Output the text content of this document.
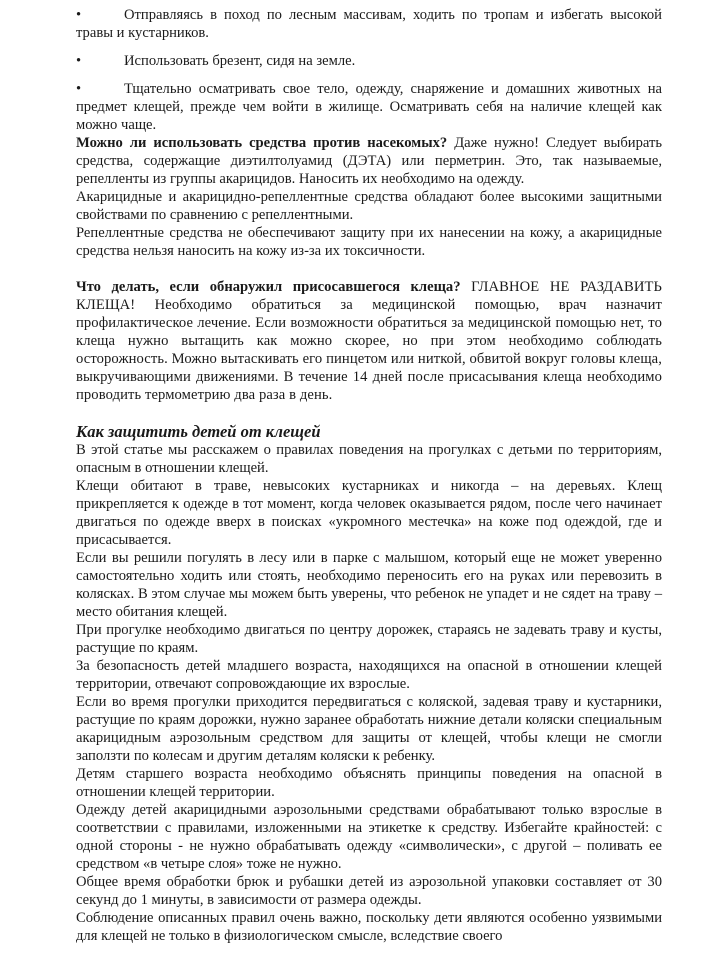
•	Отправляясь в поход по лесным массивам, ходить по тропам и избегать высокой травы и кустарников.

•	Использовать брезент, сидя на земле.

•	Тщательно осматривать свое тело, одежду, снаряжение и домашних животных на предмет клещей, прежде чем войти в жилище. Осматривать себя на наличие клещей как можно чаще.

Можно ли использовать средства против насекомых? Даже нужно! Следует выбирать средства, содержащие диэтилтолуамид (ДЭТА) или перметрин. Это, так называемые, репелленты из группы акарицидов. Наносить их необходимо на одежду.

Акарицидные и акарицидно-репеллентные средства обладают более высокими защитными свойствами по сравнению с репеллентными.

Репеллентные средства не обеспечивают защиту при их нанесении на кожу, а акарицидные средства нельзя наносить на кожу из-за их токсичности.

Что делать, если обнаружил присосавшегося клеща? ГЛАВНОЕ НЕ РАЗДАВИТЬ КЛЕЩА! Необходимо обратиться за медицинской помощью, врач назначит профилактическое лечение. Если возможности обратиться за медицинской помощью нет, то клеща нужно вытащить как можно скорее, но при этом необходимо соблюдать осторожность. Можно вытаскивать его пинцетом или ниткой, обвитой вокруг головы клеща, выкручивающими движениями. В течение 14 дней после присасывания клеща необходимо проводить термометрию два раза в день.

Как защитить детей от клещей

В этой статье мы расскажем о правилах поведения на прогулках с детьми по территориям, опасным в отношении клещей.

Клещи обитают в траве, невысоких кустарниках и никогда – на деревьях. Клещ прикрепляется к одежде в тот момент, когда человек оказывается рядом, после чего начинает двигаться по одежде вверх в поисках «укромного местечка» на коже под одеждой, где и присасывается.

Если вы решили погулять в лесу или в парке с малышом, который еще не может уверенно самостоятельно ходить или стоять, необходимо переносить его на руках или перевозить в колясках. В этом случае мы можем быть уверены, что ребенок не упадет и не сядет на траву – место обитания клещей.

При прогулке необходимо двигаться по центру дорожек, стараясь не задевать траву и кусты, растущие по краям.

За безопасность детей младшего возраста, находящихся на опасной в отношении клещей территории, отвечают сопровождающие их взрослые.

Если во время прогулки приходится передвигаться с коляской, задевая траву и кустарники, растущие по краям дорожки, нужно заранее обработать нижние детали коляски специальным акарицидным аэрозольным средством для защиты от клещей, чтобы клещи не смогли заползти по колесам и другим деталям коляски к ребенку.

Детям старшего возраста необходимо объяснять принципы поведения на опасной в отношении клещей территории.

Одежду детей акарицидными аэрозольными средствами обрабатывают только взрослые в соответствии с правилами, изложенными на этикетке к средству. Избегайте крайностей: с одной стороны - не нужно обрабатывать одежду «символически», с другой – поливать ее средством «в четыре слоя» тоже не нужно.

Общее время обработки брюк и рубашки детей из аэрозольной упаковки составляет от 30 секунд до 1 минуты, в зависимости от размера одежды.

Соблюдение описанных правил очень важно, поскольку дети являются особенно уязвимыми для клещей не только в физиологическом смысле, вследствие своего
